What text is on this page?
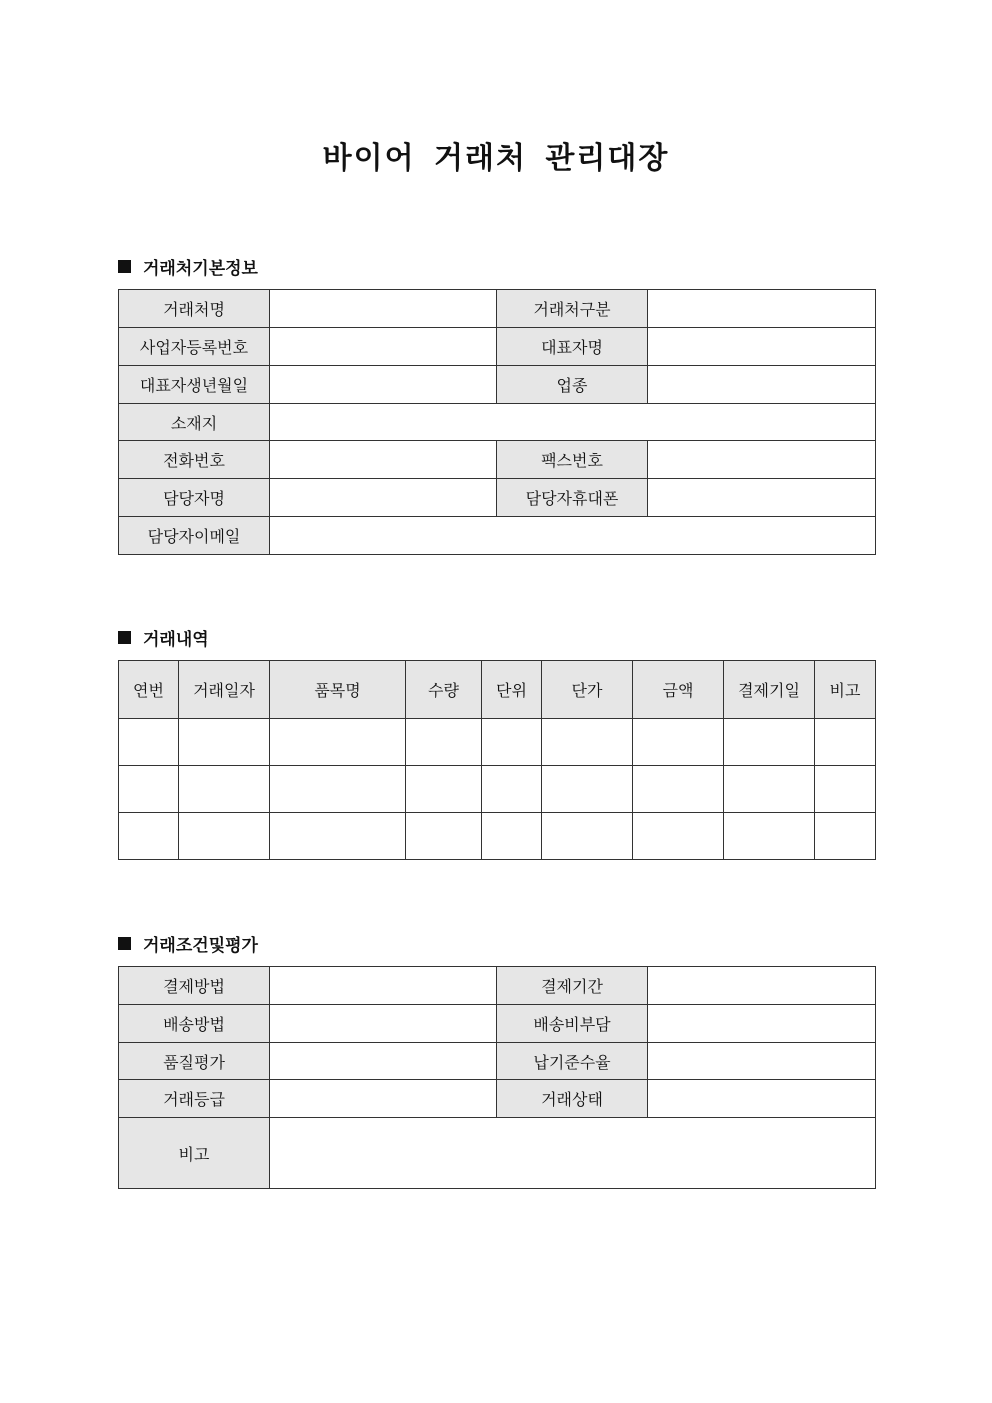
바이어 거래처 관리대장
거래처기본정보
거래처명		거래처구분	
사업자등록번호		대표자명	
대표자생년월일		업종	
소재지			
전화번호		팩스번호	
담당자명		담당자휴대폰	
담당자이메일			
거래내역
연번	거래일자	품목명	수량	단위	단가	금액	결제기일	비고

거래조건및평가
결제방법		결제기간	
배송방법		배송비부담	
품질평가		납기준수율	
거래등급		거래상태	
비고			
